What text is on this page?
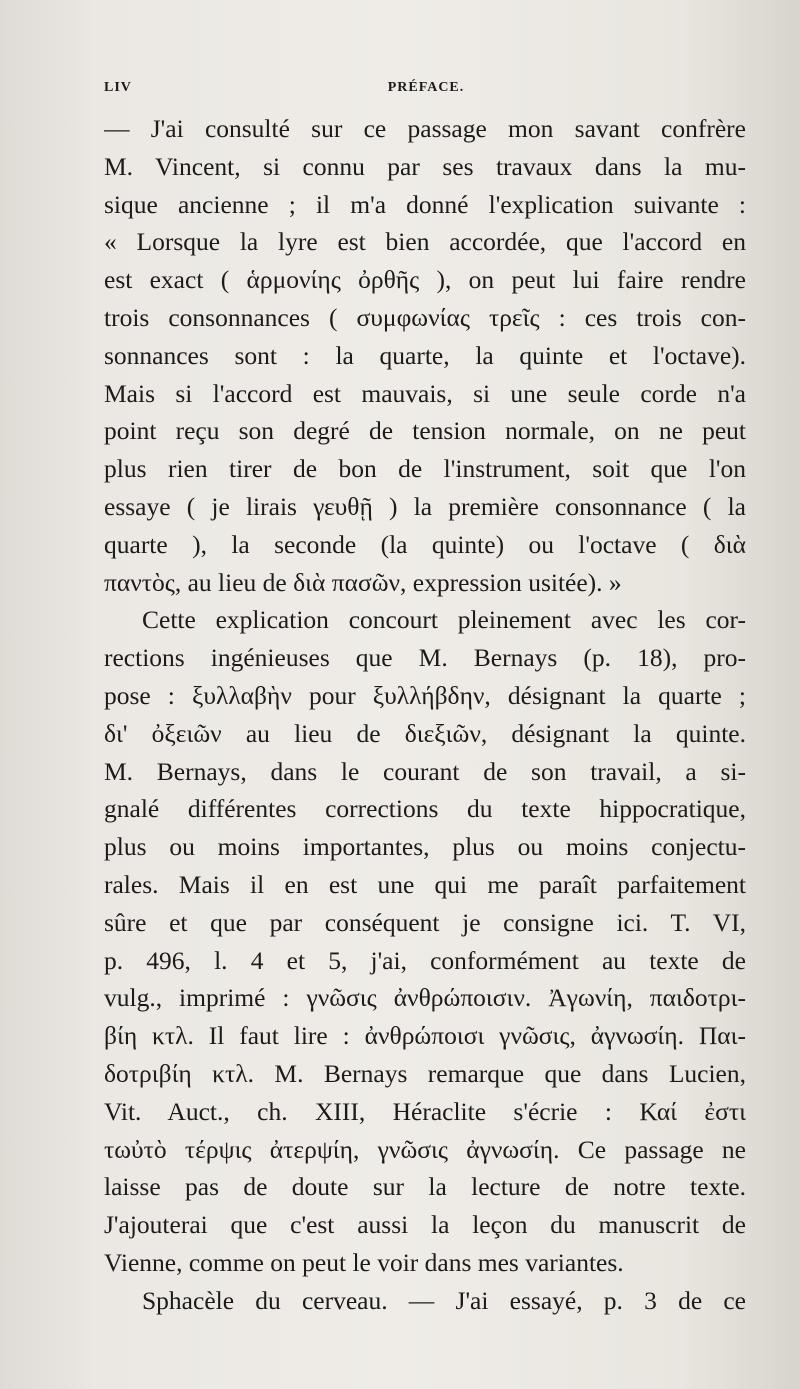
LIV	PRÉFACE.
— J'ai consulté sur ce passage mon savant confrère
M. Vincent, si connu par ses travaux dans la mu-
sique ancienne ; il m'a donné l'explication suivante :
« Lorsque la lyre est bien accordée, que l'accord en
est exact ( ἁρμονίης ὀρθῆς ), on peut lui faire rendre
trois consonnances ( συμφωνίας τρεῖς : ces trois con-
sonnances sont : la quarte, la quinte et l'octave).
Mais si l'accord est mauvais, si une seule corde n'a
point reçu son degré de tension normale, on ne peut
plus rien tirer de bon de l'instrument, soit que l'on
essaye ( je lirais γευθῇ ) la première consonnance ( la
quarte ), la seconde (la quinte) ou l'octave ( διὰ
παντὸς, au lieu de διὰ πασῶν, expression usitée). »
Cette explication concourt pleinement avec les cor-
rections ingénieuses que M. Bernays (p. 18), pro-
pose : ξυλλαβὴν pour ξυλλήβδην, désignant la quarte ;
δι' ὀξειῶν au lieu de διεξιῶν, désignant la quinte.
M. Bernays, dans le courant de son travail, a si-
gnalé différentes corrections du texte hippocratique,
plus ou moins importantes, plus ou moins conjectu-
rales. Mais il en est une qui me paraît parfaitement
sûre et que par conséquent je consigne ici. T. VI,
p. 496, l. 4 et 5, j'ai, conformément au texte de
vulg., imprimé : γνῶσις ἀνθρώποισιν. Ἀγωνίη, παιδοτρι-
βίη κτλ. Il faut lire : ἀνθρώποισι γνῶσις, ἀγνωσίη. Παι-
δοτριβίη κτλ. M. Bernays remarque que dans Lucien,
Vit. Auct., ch. XIII, Héraclite s'écrie : Καί ἐστι
τωὐτὸ τέρψις ἀτερψίη, γνῶσις ἀγνωσίη. Ce passage ne
laisse pas de doute sur la lecture de notre texte.
J'ajouterai que c'est aussi la leçon du manuscrit de
Vienne, comme on peut le voir dans mes variantes.
Sphacèle du cerveau. — J'ai essayé, p. 3 de ce
